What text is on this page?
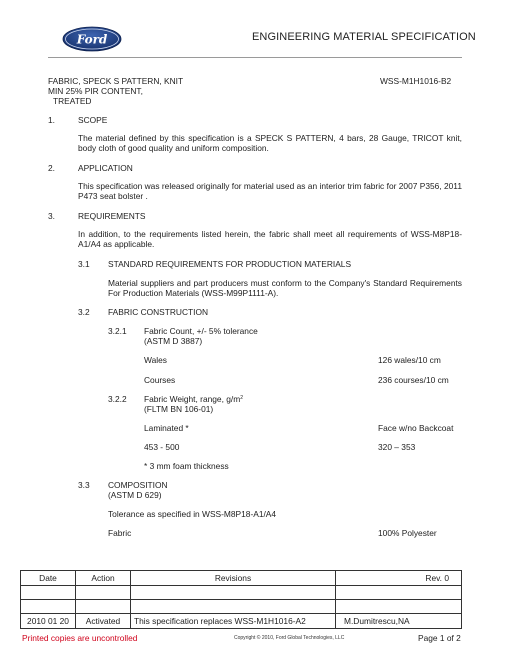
Ford	ENGINEERING MATERIAL SPECIFICATION
FABRIC, SPECK S PATTERN, KNIT
MIN 25% PIR CONTENT,
TREATED
WSS-M1H1016-B2
1.	SCOPE
The material defined by this specification is a SPECK S PATTERN, 4 bars, 28 Gauge, TRICOT knit, body cloth of good quality and uniform composition.
2.	APPLICATION
This specification was released originally for material used as an interior trim fabric for 2007 P356, 2011 P473 seat bolster .
3.	REQUIREMENTS
In addition, to the requirements listed herein, the fabric shall meet all requirements of WSS-M8P18-A1/A4 as applicable.
3.1 STANDARD REQUIREMENTS FOR PRODUCTION MATERIALS
Material suppliers and part producers must conform to the Company's Standard Requirements For Production Materials (WSS-M99P1111-A).
3.2 FABRIC CONSTRUCTION
3.2.1 Fabric Count, +/- 5% tolerance
(ASTM D 3887)
Wales	126 wales/10 cm
Courses	236 courses/10 cm
3.2.2 Fabric Weight, range, $g/m^2$
(FLTM BN 106-01)
Laminated *	Face w/no Backcoat
453 - 500	320 – 353
* 3 mm foam thickness
3.3 COMPOSITION
(ASTM D 629)
Tolerance as specified in WSS-M8P18-A1/A4
Fabric	100% Polyester
Date	Action	Revisions	Rev. 0

2010 01 20	Activated	This specification replaces WSS-M1H1016-A2	M.Dumitrescu,NA
Printed copies are uncontrolled	Copyright © 2010, Ford Global Technologies, LLC	Page 1 of 2
